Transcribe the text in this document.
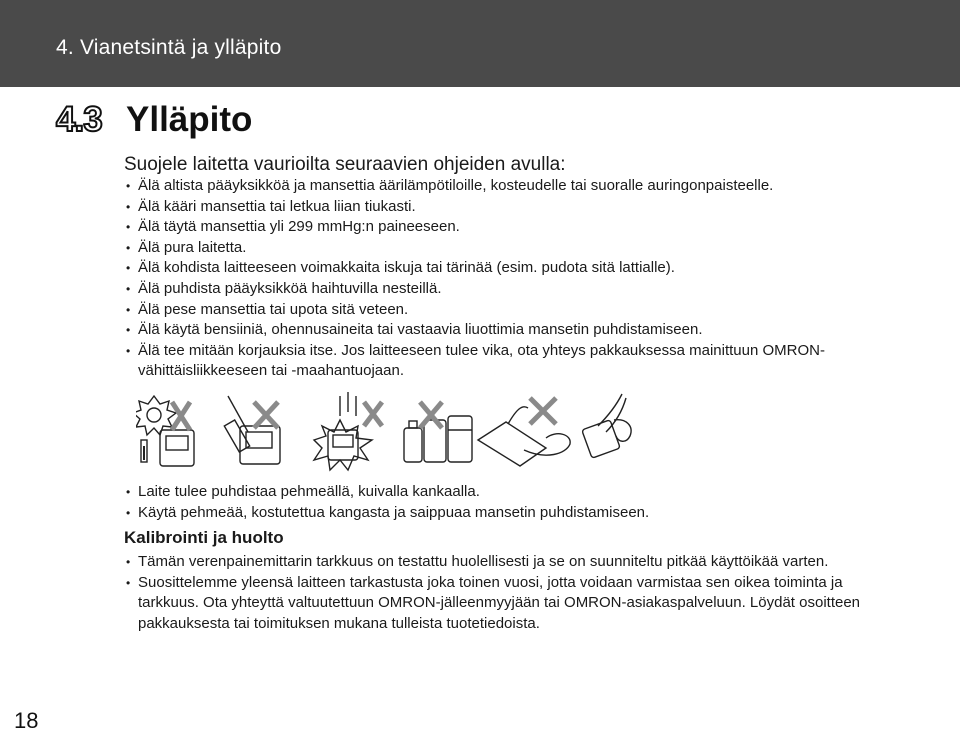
4. Vianetsintä ja ylläpito
4.3 Ylläpito
Suojele laitetta vaurioilta seuraavien ohjeiden avulla:
• Älä altista pääyksikköä ja mansettia äärilämpötiloille, kosteudelle tai suoralle auringonpaisteelle.
• Älä kääri mansettia tai letkua liian tiukasti.
• Älä täytä mansettia yli 299 mmHg:n paineeseen.
• Älä pura laitetta.
• Älä kohdista laitteeseen voimakkaita iskuja tai tärinää (esim. pudota sitä lattialle).
• Älä puhdista pääyksikköä haihtuvilla nesteillä.
• Älä pese mansettia tai upota sitä veteen.
• Älä käytä bensiiniä, ohennusaineita tai vastaavia liuottimia mansetin puhdistamiseen.
• Älä tee mitään korjauksia itse. Jos laitteeseen tulee vika, ota yhteys pakkauksessa mainittuun OMRON-vähittäisliikkeeseen tai -maahantuojaan.
• Laite tulee puhdistaa pehmeällä, kuivalla kankaalla.
• Käytä pehmeää, kostutettua kangasta ja saippuaa mansetin puhdistamiseen.
Kalibrointi ja huolto
• Tämän verenpainemittarin tarkkuus on testattu huolellisesti ja se on suunniteltu pitkää käyttöikää varten.
• Suosittelemme yleensä laitteen tarkastusta joka toinen vuosi, jotta voidaan varmistaa sen oikea toiminta ja tarkkuus. Ota yhteyttä valtuutettuun OMRON-jälleenmyyjään tai OMRON-asiakaspalveluun. Löydät osoitteen pakkauksesta tai toimituksen mukana tulleista tuotetiedoista.
18
